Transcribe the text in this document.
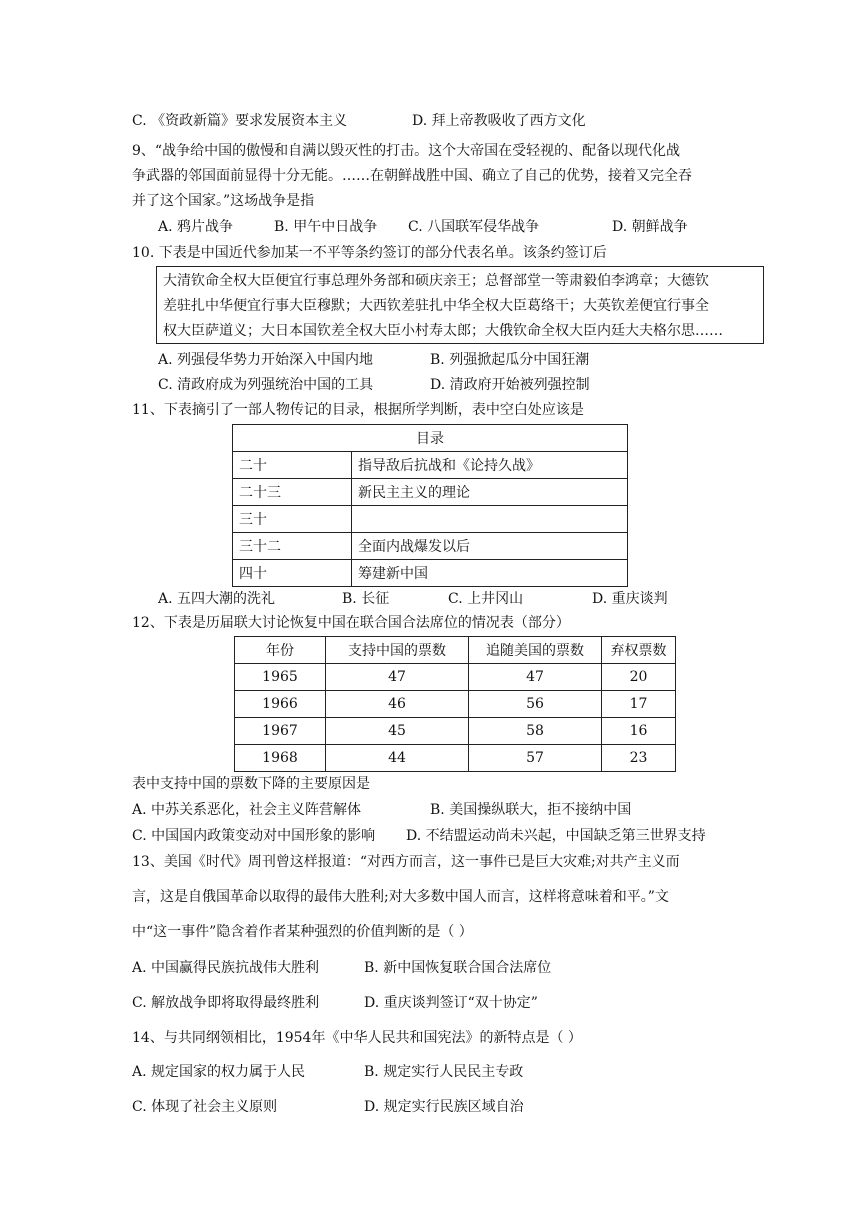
C. 《资政新篇》要求发展资本主义	D. 拜上帝教吸收了西方文化
9、“战争给中国的傲慢和自满以毁灭性的打击。这个大帝国在受轻视的、配备以现代化战
争武器的邻国面前显得十分无能。……在朝鲜战胜中国、确立了自己的优势，接着又完全吞
并了这个国家。”这场战争是指
A. 鸦片战争	B. 甲午中日战争 C. 八国联军侵华战争	D. 朝鲜战争
10. 下表是中国近代参加某一不平等条约签订的部分代表名单。该条约签订后
大清钦命全权大臣便宜行事总理外务部和硕庆亲王；总督部堂一等肃毅伯李鸿章；大德钦
差驻扎中华便宜行事大臣穆默；大西钦差驻扎中华全权大臣葛络干；大英钦差便宜行事全
权大臣萨道义；大日本国钦差全权大臣小村寿太郎；大俄钦命全权大臣内廷大夫格尔思……
A. 列强侵华势力开始深入中国内地	B. 列强掀起瓜分中国狂潮
C. 清政府成为列强统治中国的工具	D. 清政府开始被列强控制
11、下表摘引了一部人物传记的目录，根据所学判断，表中空白处应该是
目录	
二十	指导敌后抗战和《论持久战》
二十三	新民主主义的理论
三十	
三十二	全面内战爆发以后
四十	筹建新中国
A. 五四大潮的洗礼	B. 长征	C. 上井冈山	D. 重庆谈判
12、下表是历届联大讨论恢复中国在联合国合法席位的情况表（部分）
年份	支持中国的票数	追随美国的票数	弃权票数
1965	47	47	20
1966	46	56	17
1967	45	58	16
1968	44	57	23
表中支持中国的票数下降的主要原因是
A. 中苏关系恶化，社会主义阵营解体	B. 美国操纵联大，拒不接纳中国
C. 中国国内政策变动对中国形象的影响 D. 不结盟运动尚未兴起，中国缺乏第三世界支持
13、美国《时代》周刊曾这样报道：“对西方而言，这一事件已是巨大灾难;对共产主义而
言，这是自俄国革命以取得的最伟大胜利;对大多数中国人而言，这样将意味着和平。”文
中“这一事件”隐含着作者某种强烈的价值判断的是（ ）
A. 中国赢得民族抗战伟大胜利	B. 新中国恢复联合国合法席位
C. 解放战争即将取得最终胜利	D. 重庆谈判签订“双十协定”
14、与共同纲领相比，1954年《中华人民共和国宪法》的新特点是（ ）
A. 规定国家的权力属于人民	B. 规定实行人民民主专政
C. 体现了社会主义原则	D. 规定实行民族区域自治
